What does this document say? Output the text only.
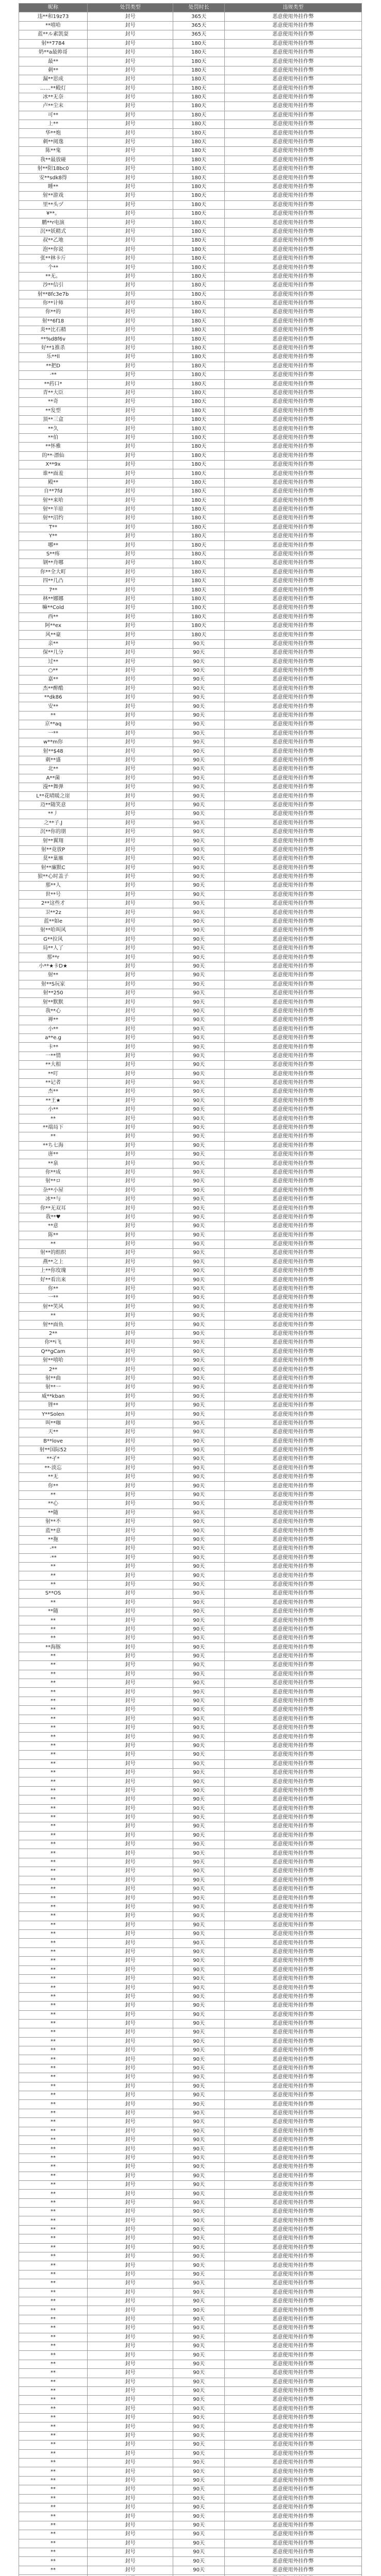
昵称	处罚类型	处罚时长	违规类型
违**和19z73	封号	365天	恶意使用外挂作弊
**嘻哈	封号	365天	恶意使用外挂作弊
蓝**ル素凯耍	封号	365天	恶意使用外挂作弊
射**7784	封号	180天	恶意使用外挂作弊
奶**a最帅哥	封号	180天	恶意使用外挂作弊
最**	封号	180天	恶意使用外挂作弊
刺**	封号	180天	恶意使用外挂作弊
漏**思成	封号	180天	恶意使用外挂作弊
……**殿灯	封号	180天	恶意使用外挂作弊
冰**无奈	封号	180天	恶意使用外挂作弊
卢**尘末	封号	180天	恶意使用外挂作弊
可**	封号	180天	恶意使用外挂作弊
上**	封号	180天	恶意使用外挂作弊
华**炮	封号	180天	恶意使用外挂作弊
刺**阅逸	封号	180天	恶意使用外挂作弊
陈**鬼	封号	180天	恶意使用外挂作弊
我**最放碰	封号	180天	恶意使用外挂作弊
射**阳18bc0	封号	180天	恶意使用外挂作弊
安**sdk8得	封号	180天	恶意使用外挂作弊
睡**	封号	180天	恶意使用外挂作弊
射**游戏	封号	180天	恶意使用外挂作弊
里**头ヅ	封号	180天	恶意使用外挂作弊
¥**。	封号	180天	恶意使用外挂作弊
鹏**r电演	封号	180天	恶意使用外挂作弊
沉**妖精式	封号	180天	恶意使用外挂作弊
叔**乙地	封号	180天	恶意使用外挂作弊
泡**你说	封号	180天	恶意使用外挂作弊
张**林卡斤	封号	180天	恶意使用外挂作弊
个**	封号	180天	恶意使用外挂作弊
**无。	封号	180天	恶意使用外挂作弊
沙**信引	封号	180天	恶意使用外挂作弊
射**8fc3e7b	封号	180天	恶意使用外挂作弊
你**计师	封号	180天	恶意使用外挂作弊
你**的	封号	180天	恶意使用外挂作弊
射**6f18	封号	180天	恶意使用外挂作弊
炎**比石精	封号	180天	恶意使用外挂作弊
**%d8f6v	封号	180天	恶意使用外挂作弊
好**1推杀	封号	180天	恶意使用外挂作弊
乐**ll	封号	180天	恶意使用外挂作弊
**把D	封号	180天	恶意使用外挂作弊
·**	封号	180天	恶意使用外挂作弊
**药口*	封号	180天	恶意使用外挂作弊
青**大臣	封号	180天	恶意使用外挂作弊
**奇	封号	180天	恶意使用外挂作弊
**发型	封号	180天	恶意使用外挂作弊
顶**三盒	封号	180天	恶意使用外挂作弊
**久	封号	180天	恶意使用外挂作弊
**伯	封号	180天	恶意使用外挂作弊
**怀雅	封号	180天	恶意使用外挂作弊
的**·漂仙	封号	180天	恶意使用外挂作弊
X**9x	封号	180天	恶意使用外挂作弊
谁**面羞	封号	180天	恶意使用外挂作弊
殿**	封号	180天	恶意使用外挂作弊
自**7fd	封号	180天	恶意使用外挂作弊
射**来哈	封号	180天	恶意使用外挂作弊
射**羊原	封号	180天	恶意使用外挂作弊
射**沼约	封号	180天	恶意使用外挂作弊
T**	封号	180天	恶意使用外挂作弊
Y**	封号	180天	恶意使用外挂作弊
哪**	封号	180天	恶意使用外挂作弊
S**疼	封号	180天	恶意使用外挂作弊
钢**舟哪	封号	180天	恶意使用外挂作弊
你**全大町	封号	180天	恶意使用外挂作弊
四**几凸	封号	180天	恶意使用外挂作弊
7**	封号	180天	恶意使用外挂作弊
林**娜娜	封号	180天	恶意使用外挂作弊
嘛**Cold	封号	180天	恶意使用外挂作弊
西**	封号	180天	恶意使用外挂作弊
阿**ex	封号	180天	恶意使用外挂作弊
风**豪	封号	180天	恶意使用外挂作弊
亲**	封号	90天	恶意使用外挂作弊
保**几分	封号	90天	恶意使用外挂作弊
过**	封号	90天	恶意使用外挂作弊
○**	封号	90天	恶意使用外挂作弊
嘉**	封号	90天	恶意使用外挂作弊
杰**醉酷	封号	90天	恶意使用外挂作弊
**dk86	封号	90天	恶意使用外挂作弊
安**	封号	90天	恶意使用外挂作弊
**	封号	90天	恶意使用外挂作弊
京**aq	封号	90天	恶意使用外挂作弊
一**	封号	90天	恶意使用外挂作弊
w**m你	封号	90天	恶意使用外挂作弊
射**$48	封号	90天	恶意使用外挂作弊
刺**盛	封号	90天	恶意使用外挂作弊
北**	封号	90天	恶意使用外挂作弊
A**菌	封号	90天	恶意使用外挂作弊
漫**舞弹	封号	90天	恶意使用外挂作弊
L**花晴暖之崖	封号	90天	恶意使用外挂作弊
迈**随笑意	封号	90天	恶意使用外挂作弊
**丿	封号	90天	恶意使用外挂作弊
之**子.J	封号	90天	恶意使用外挂作弊
沉**你的朋	封号	90天	恶意使用外挂作弊
射**翼翔	封号	90天	恶意使用外挂作弊
射**竟放P	封号	90天	恶意使用外挂作弊
莫**巢雁	封号	90天	恶意使用外挂作弊
射**廉默C	封号	90天	恶意使用外挂作弊
狼**心时盖子	封号	90天	恶意使用外挂作弊
那**人	封号	90天	恶意使用外挂作弊
世**号	封号	90天	恶意使用外挂作弊
2**这些才	封号	90天	恶意使用外挂作弊
卫**2z	封号	90天	恶意使用外挂作弊
蓝**如e	封号	90天	恶意使用外挂作弊
射**哈叫风	封号	90天	恶意使用外挂作弊
G**拉风	封号	90天	恶意使用外挂作弊
局**人了	封号	90天	恶意使用外挂作弊
那**r	封号	90天	恶意使用外挂作弊
小**★卡D★	封号	90天	恶意使用外挂作弊
射**	封号	90天	恶意使用外挂作弊
射**S玩家	封号	90天	恶意使用外挂作弊
射**250	封号	90天	恶意使用外挂作弊
射**默默	封号	90天	恶意使用外挂作弊
我**心	封号	90天	恶意使用外挂作弊
禅**	封号	90天	恶意使用外挂作弊
小**	封号	90天	恶意使用外挂作弊
a**e.g	封号	90天	恶意使用外挂作弊
卡**	封号	90天	恶意使用外挂作弊
一**情	封号	90天	恶意使用外挂作弊
**大相	封号	90天	恶意使用外挂作弊
**叮	封号	90天	恶意使用外挂作弊
**记者	封号	90天	恶意使用外挂作弊
杰**	封号	90天	恶意使用外挂作弊
**王★	封号	90天	恶意使用外挂作弊
小**	封号	90天	恶意使用外挂作弊
**	封号	90天	恶意使用外挂作弊
**端局下	封号	90天	恶意使用外挂作弊
**	封号	90天	恶意使用外挂作弊
**ち七海	封号	90天	恶意使用外挂作弊
唐**	封号	90天	恶意使用外挂作弊
**泉	封号	90天	恶意使用外挂作弊
你**成	封号	90天	恶意使用外挂作弊
射**ロ	封号	90天	恶意使用外挂作弊
杂**小屋	封号	90天	恶意使用外挂作弊
冰**与	封号	90天	恶意使用外挂作弊
你**无双耳	封号	90天	恶意使用外挂作弊
我**♥	封号	90天	恶意使用外挂作弊
**意	封号	90天	恶意使用外挂作弊
陈**	封号	90天	恶意使用外挂作弊
**	封号	90天	恶意使用外挂作弊
射**的组织	封号	90天	恶意使用外挂作弊
燕**之上	封号	90天	恶意使用外挂作弊
上**你玫瑰	封号	90天	恶意使用外挂作弊
好**看出来	封号	90天	恶意使用外挂作弊
你**	封号	90天	恶意使用外挂作弊
一**	封号	90天	恶意使用外挂作弊
射**笑风	封号	90天	恶意使用外挂作弊
**	封号	90天	恶意使用外挂作弊
射**面鱼	封号	90天	恶意使用外挂作弊
2**	封号	90天	恶意使用外挂作弊
你**i飞	封号	90天	恶意使用外挂作弊
Q**gCam	封号	90天	恶意使用外挂作弊
射**嘻哈	封号	90天	恶意使用外挂作弊
2**	封号	90天	恶意使用外挂作弊
射**曲	封号	90天	恶意使用外挂作弊
射**一	封号	90天	恶意使用外挂作弊
威**kban	封号	90天	恶意使用外挂作弊
锉**	封号	90天	恶意使用外挂作弊
Y**Solen	封号	90天	恶意使用外挂作弊
叫**咖	封号	90天	恶意使用外挂作弊
天**	封号	90天	恶意使用外挂作弊
B**love	封号	90天	恶意使用外挂作弊
射**国际52	封号	90天	恶意使用外挂作弊
**孑*	封号	90天	恶意使用外挂作弊
**·淡忘	封号	90天	恶意使用外挂作弊
**无	封号	90天	恶意使用外挂作弊
你**	封号	90天	恶意使用外挂作弊
**	封号	90天	恶意使用外挂作弊
**心	封号	90天	恶意使用外挂作弊
**随	封号	90天	恶意使用外挂作弊
射**不	封号	90天	恶意使用外挂作弊
蓝**意	封号	90天	恶意使用外挂作弊
**拖	封号	90天	恶意使用外挂作弊
-**	封号	90天	恶意使用外挂作弊
·**	封号	90天	恶意使用外挂作弊
**	封号	90天	恶意使用外挂作弊
**	封号	90天	恶意使用外挂作弊
**	封号	90天	恶意使用外挂作弊
S**OS	封号	90天	恶意使用外挂作弊
**	封号	90天	恶意使用外挂作弊
**随	封号	90天	恶意使用外挂作弊
**	封号	90天	恶意使用外挂作弊
**	封号	90天	恶意使用外挂作弊
**	封号	90天	恶意使用外挂作弊
**海豚	封号	90天	恶意使用外挂作弊
**	封号	90天	恶意使用外挂作弊
**	封号	90天	恶意使用外挂作弊
**	封号	90天	恶意使用外挂作弊
**	封号	90天	恶意使用外挂作弊
**	封号	90天	恶意使用外挂作弊
**	封号	90天	恶意使用外挂作弊
**	封号	90天	恶意使用外挂作弊
**	封号	90天	恶意使用外挂作弊
**	封号	90天	恶意使用外挂作弊
**	封号	90天	恶意使用外挂作弊
**	封号	90天	恶意使用外挂作弊
**	封号	90天	恶意使用外挂作弊
**	封号	90天	恶意使用外挂作弊
**	封号	90天	恶意使用外挂作弊
**	封号	90天	恶意使用外挂作弊
**	封号	90天	恶意使用外挂作弊
**	封号	90天	恶意使用外挂作弊
**	封号	90天	恶意使用外挂作弊
**	封号	90天	恶意使用外挂作弊
**	封号	90天	恶意使用外挂作弊
**	封号	90天	恶意使用外挂作弊
**	封号	90天	恶意使用外挂作弊
**	封号	90天	恶意使用外挂作弊
**	封号	90天	恶意使用外挂作弊
**	封号	90天	恶意使用外挂作弊
**	封号	90天	恶意使用外挂作弊
**	封号	90天	恶意使用外挂作弊
**	封号	90天	恶意使用外挂作弊
**	封号	90天	恶意使用外挂作弊
**	封号	90天	恶意使用外挂作弊
**	封号	90天	恶意使用外挂作弊
**	封号	90天	恶意使用外挂作弊
**	封号	90天	恶意使用外挂作弊
**	封号	90天	恶意使用外挂作弊
**	封号	90天	恶意使用外挂作弊
**	封号	90天	恶意使用外挂作弊
**	封号	90天	恶意使用外挂作弊
**	封号	90天	恶意使用外挂作弊
**	封号	90天	恶意使用外挂作弊
**	封号	90天	恶意使用外挂作弊
**	封号	90天	恶意使用外挂作弊
**	封号	90天	恶意使用外挂作弊
**	封号	90天	恶意使用外挂作弊
**	封号	90天	恶意使用外挂作弊
**	封号	90天	恶意使用外挂作弊
**	封号	90天	恶意使用外挂作弊
**	封号	90天	恶意使用外挂作弊
**	封号	90天	恶意使用外挂作弊
**	封号	90天	恶意使用外挂作弊
**	封号	90天	恶意使用外挂作弊
**	封号	90天	恶意使用外挂作弊
**	封号	90天	恶意使用外挂作弊
**	封号	90天	恶意使用外挂作弊
**	封号	90天	恶意使用外挂作弊
**	封号	90天	恶意使用外挂作弊
**	封号	90天	恶意使用外挂作弊
**	封号	90天	恶意使用外挂作弊
**	封号	90天	恶意使用外挂作弊
**	封号	90天	恶意使用外挂作弊
**	封号	90天	恶意使用外挂作弊
**	封号	90天	恶意使用外挂作弊
**	封号	90天	恶意使用外挂作弊
**	封号	90天	恶意使用外挂作弊
**	封号	90天	恶意使用外挂作弊
**	封号	90天	恶意使用外挂作弊
**	封号	90天	恶意使用外挂作弊
**	封号	90天	恶意使用外挂作弊
**	封号	90天	恶意使用外挂作弊
**	封号	90天	恶意使用外挂作弊
**	封号	90天	恶意使用外挂作弊
**	封号	90天	恶意使用外挂作弊
**	封号	90天	恶意使用外挂作弊
**	封号	90天	恶意使用外挂作弊
**	封号	90天	恶意使用外挂作弊
**	封号	90天	恶意使用外挂作弊
**	封号	90天	恶意使用外挂作弊
**	封号	90天	恶意使用外挂作弊
**	封号	90天	恶意使用外挂作弊
**	封号	90天	恶意使用外挂作弊
**	封号	90天	恶意使用外挂作弊
**	封号	90天	恶意使用外挂作弊
**	封号	90天	恶意使用外挂作弊
**	封号	90天	恶意使用外挂作弊
**	封号	90天	恶意使用外挂作弊
**	封号	90天	恶意使用外挂作弊
**	封号	90天	恶意使用外挂作弊
**	封号	90天	恶意使用外挂作弊
**	封号	90天	恶意使用外挂作弊
**	封号	90天	恶意使用外挂作弊
**	封号	90天	恶意使用外挂作弊
**	封号	90天	恶意使用外挂作弊
**	封号	90天	恶意使用外挂作弊
**	封号	90天	恶意使用外挂作弊
**	封号	90天	恶意使用外挂作弊
**	封号	90天	恶意使用外挂作弊
**	封号	90天	恶意使用外挂作弊
**	封号	90天	恶意使用外挂作弊
**	封号	90天	恶意使用外挂作弊
**	封号	90天	恶意使用外挂作弊
**	封号	90天	恶意使用外挂作弊
**	封号	90天	恶意使用外挂作弊
**	封号	90天	恶意使用外挂作弊
**	封号	90天	恶意使用外挂作弊
